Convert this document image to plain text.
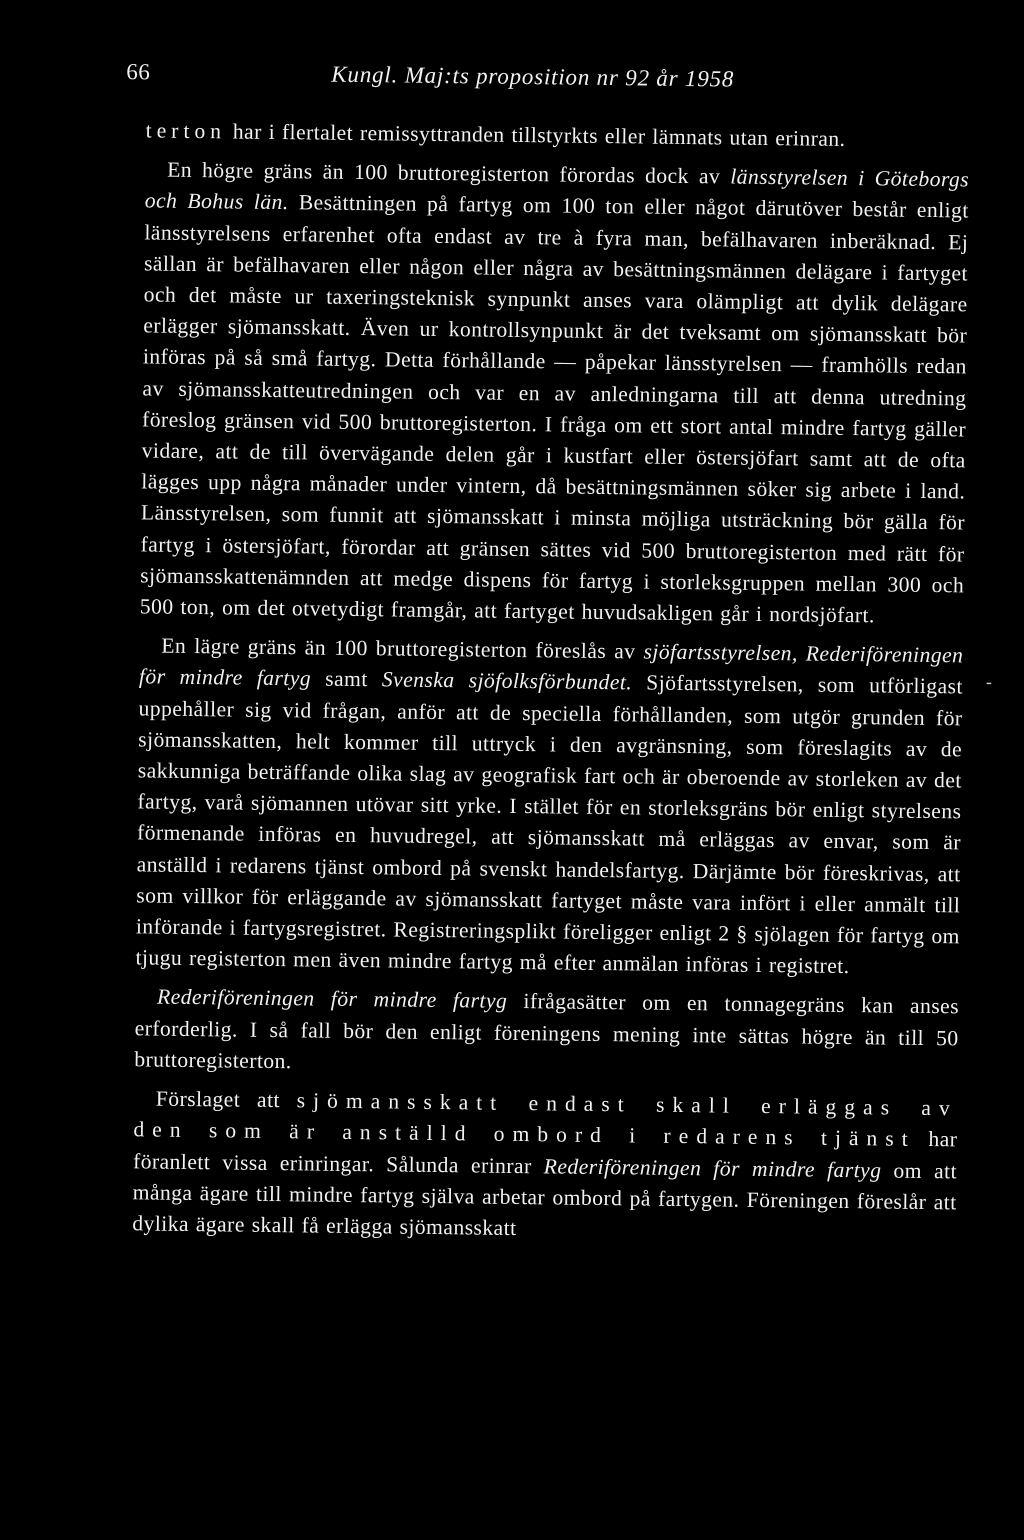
66	Kungl. Maj:ts proposition nr 92 år 1958

terton har i flertalet remissyttranden tillstyrkts eller lämnats utan erinran.

En högre gräns än 100 bruttoregisterton förordas dock av länsstyrelsen i Göteborgs och Bohus län. Besättningen på fartyg om 100 ton eller något därutöver består enligt länsstyrelsens erfarenhet ofta endast av tre à fyra man, befälhavaren inberäknad. Ej sällan är befälhavaren eller någon eller några av besättningsmännen delägare i fartyget och det måste ur taxeringsteknisk synpunkt anses vara olämpligt att dylik delägare erlägger sjömansskatt. Även ur kontrollsynpunkt är det tveksamt om sjömansskatt bör införas på så små fartyg. Detta förhållande — påpekar länsstyrelsen — framhölls redan av sjömansskatteutredningen och var en av anledningarna till att denna utredning föreslog gränsen vid 500 bruttoregisterton. I fråga om ett stort antal mindre fartyg gäller vidare, att de till övervägande delen går i kustfart eller östersjöfart samt att de ofta lägges upp några månader under vintern, då besättningsmännen söker sig arbete i land. Länsstyrelsen, som funnit att sjömansskatt i minsta möjliga utsträckning bör gälla för fartyg i östersjöfart, förordar att gränsen sättes vid 500 bruttoregisterton med rätt för sjömansskattenämnden att medge dispens för fartyg i storleksgruppen mellan 300 och 500 ton, om det otvetydigt framgår, att fartyget huvudsakligen går i nordsjöfart.

En lägre gräns än 100 bruttoregisterton föreslås av sjöfartsstyrelsen, Rederiföreningen för mindre fartyg samt Svenska sjöfolksförbundet. Sjöfartsstyrelsen, som utförligast uppehåller sig vid frågan, anför att de speciella förhållanden, som utgör grunden för sjömansskatten, helt kommer till uttryck i den avgränsning, som föreslagits av de sakkunniga beträffande olika slag av geografisk fart och är oberoende av storleken av det fartyg, varå sjömannen utövar sitt yrke. I stället för en storleksgräns bör enligt styrelsens förmenande införas en huvudregel, att sjömansskatt må erläggas av envar, som är anställd i redarens tjänst ombord på svenskt handelsfartyg. Därjämte bör föreskrivas, att som villkor för erläggande av sjömansskatt fartyget måste vara infört i eller anmält till införande i fartygsregistret. Registreringsplikt föreligger enligt 2 § sjölagen för fartyg om tjugu registerton men även mindre fartyg må efter anmälan införas i registret.

Rederiföreningen för mindre fartyg ifrågasätter om en tonnagegräns kan anses erforderlig. I så fall bör den enligt föreningens mening inte sättas högre än till 50 bruttoregisterton.

Förslaget att sjömansskatt endast skall erläggas av den som är anställd ombord i redarens tjänst har föranlett vissa erinringar. Sålunda erinrar Rederiföreningen för mindre fartyg om att många ägare till mindre fartyg själva arbetar ombord på fartygen. Föreningen föreslår att dylika ägare skall få erlägga sjömansskatt

-
